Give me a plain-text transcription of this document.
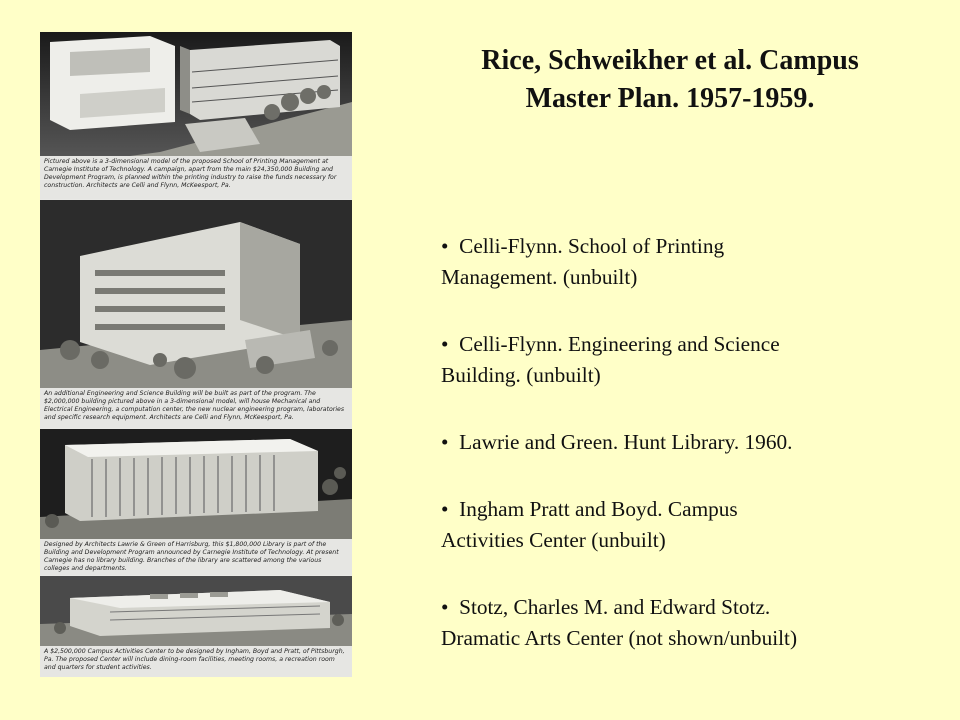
Pictured above is a 3-dimensional model of the proposed School of Printing Management at Carnegie Institute of Technology. A campaign, apart from the main $24,350,000 Building and Development Program, is planned within the printing industry to raise the funds necessary for construction. Architects are Celli and Flynn, McKeesport, Pa.

An additional Engineering and Science Building will be built as part of the program. The $2,000,000 building pictured above in a 3-dimensional model, will house Mechanical and Electrical Engineering, a computation center, the new nuclear engineering program, laboratories and specific research equipment. Architects are Celli and Flynn, McKeesport, Pa.

Designed by Architects Lawrie & Green of Harrisburg, this $1,800,000 Library is part of the Building and Development Program announced by Carnegie Institute of Technology. At present Carnegie has no library building. Branches of the library are scattered among the various colleges and departments.

A $2,500,000 Campus Activities Center to be designed by Ingham, Boyd and Pratt, of Pittsburgh, Pa. The proposed Center will include dining-room facilities, meeting rooms, a recreation room and quarters for student activities.

Rice, Schweikher et al. Campus
Master Plan. 1957-1959.
• Celli-Flynn. School of Printing
Management. (unbuilt)
• Celli-Flynn. Engineering and Science
Building. (unbuilt)
• Lawrie and Green. Hunt Library. 1960.
• Ingham Pratt and Boyd. Campus
Activities Center (unbuilt)
• Stotz, Charles M. and Edward Stotz.
Dramatic Arts Center (not shown/unbuilt)
